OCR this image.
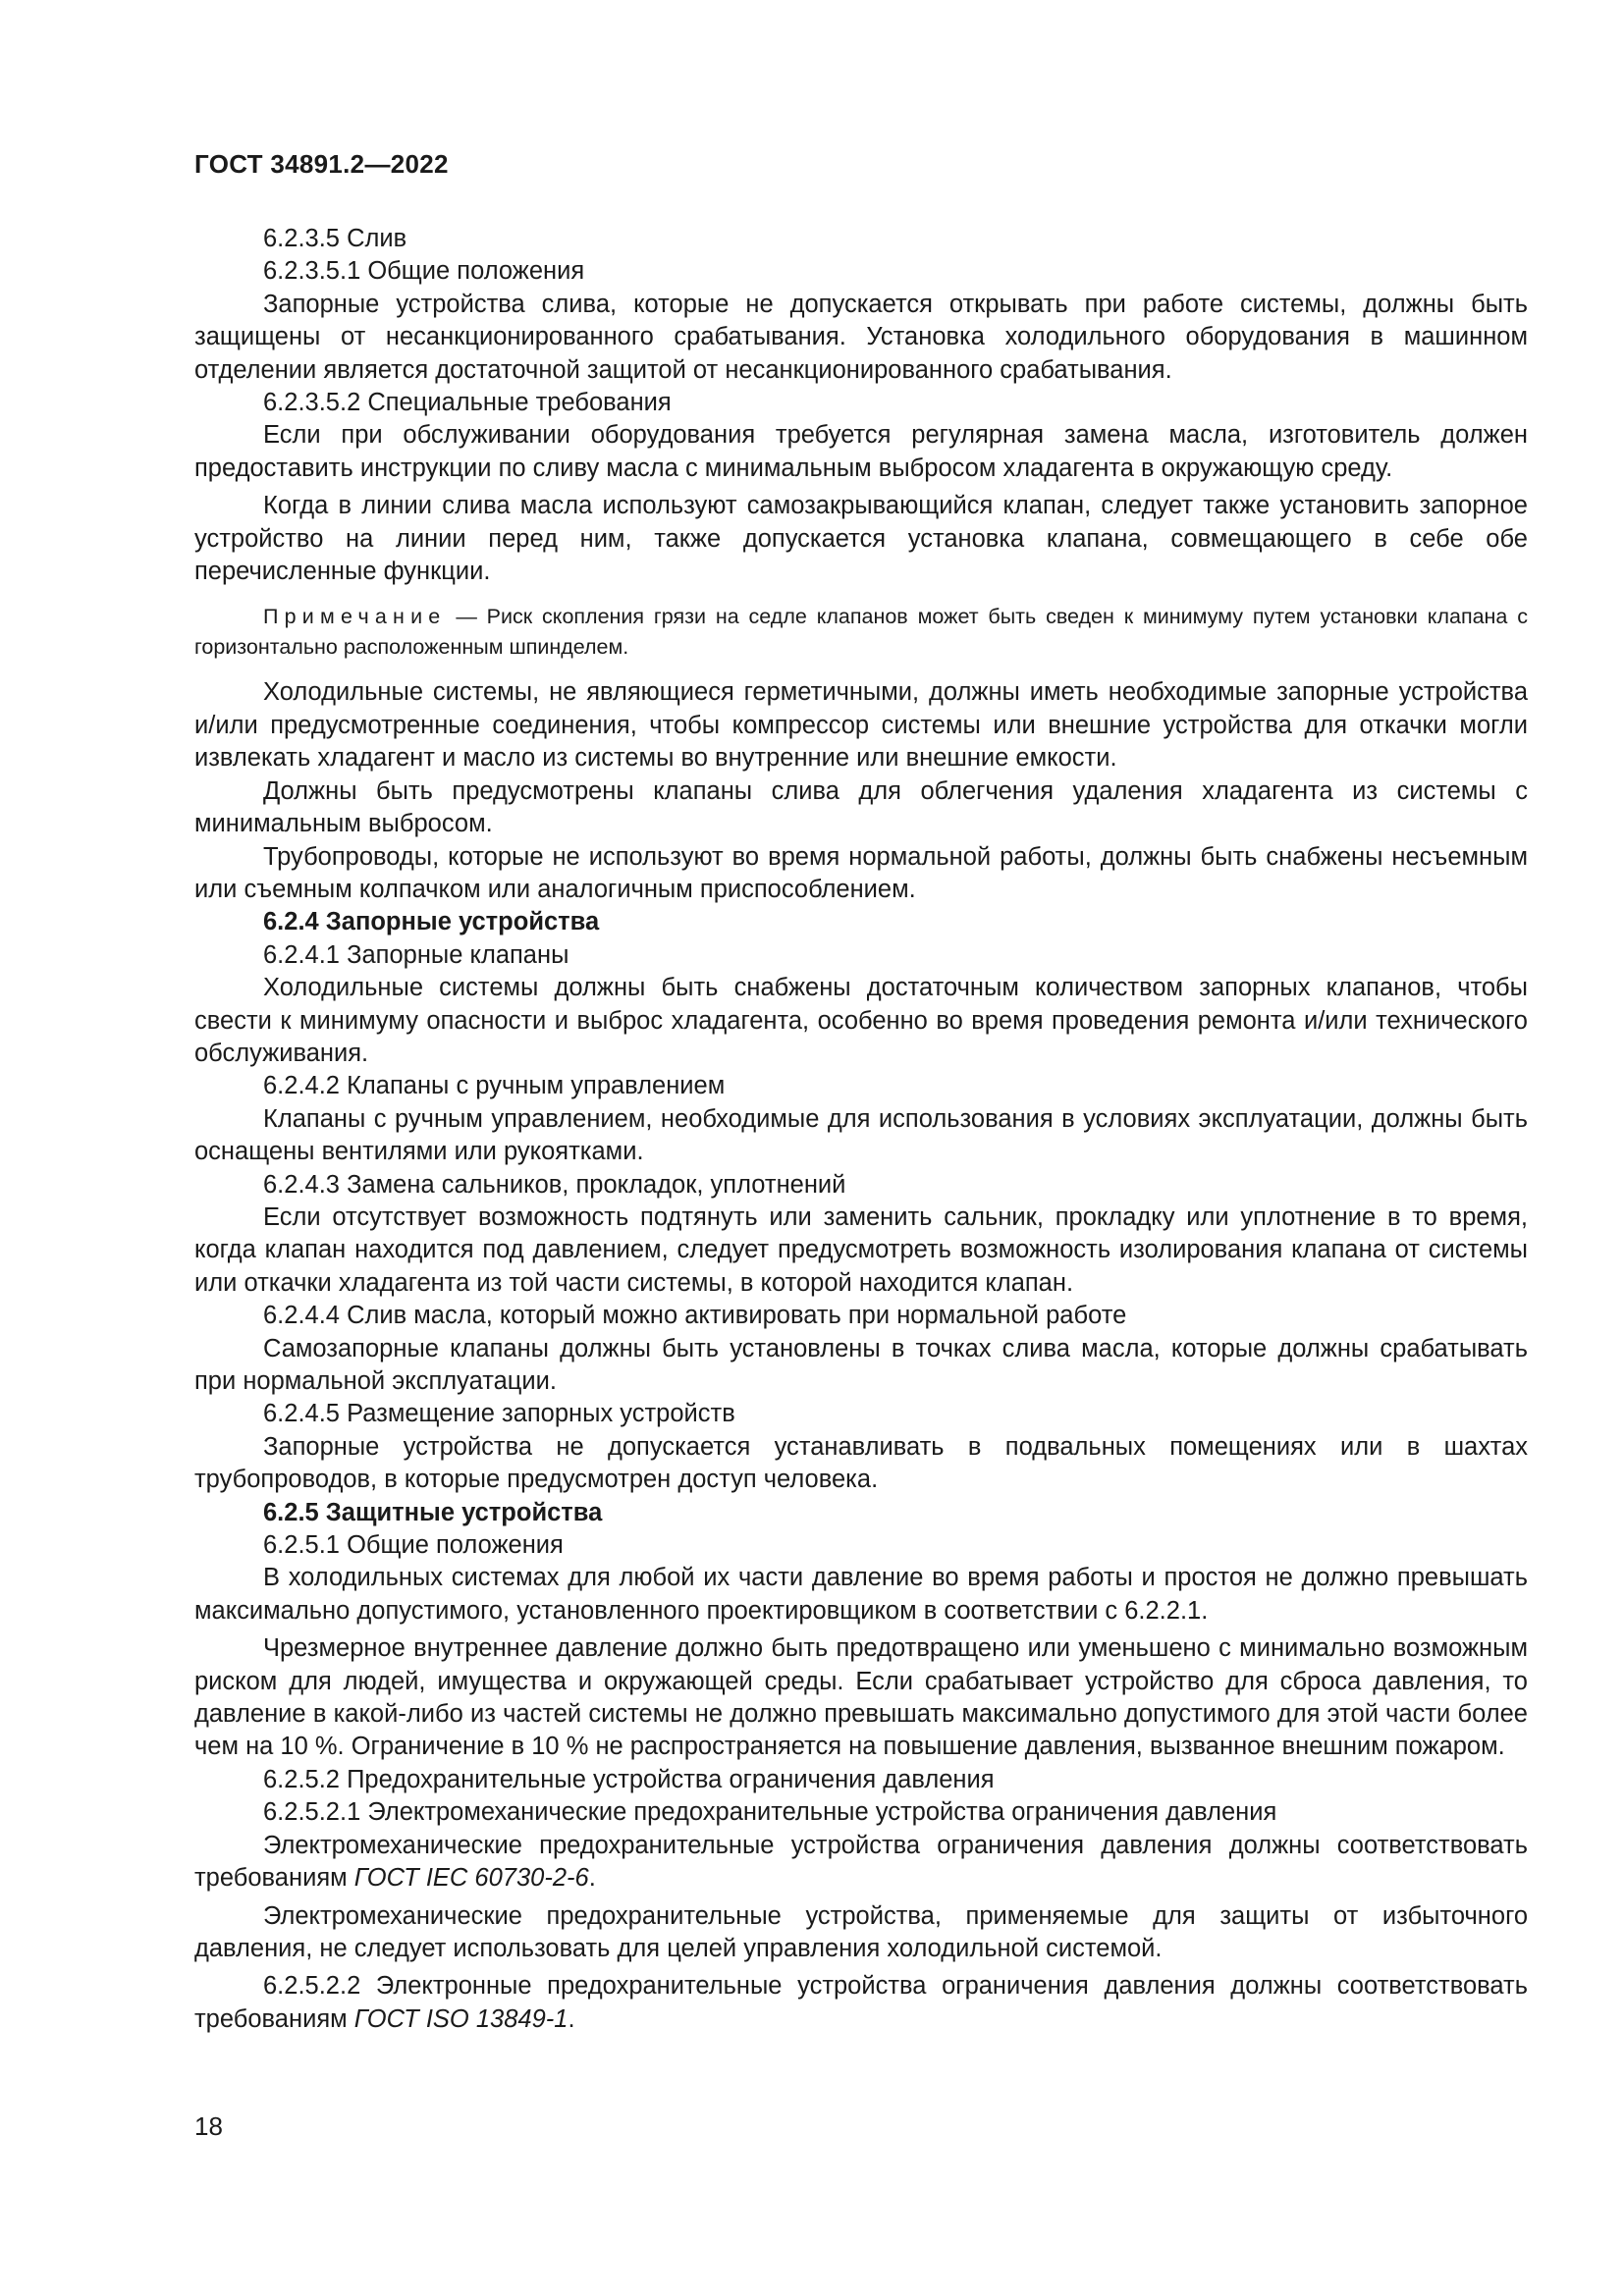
ГОСТ 34891.2—2022

6.2.3.5 Слив

6.2.3.5.1 Общие положения

Запорные устройства слива, которые не допускается открывать при работе системы, должны быть защищены от несанкционированного срабатывания. Установка холодильного оборудования в машинном отделении является достаточной защитой от несанкционированного срабатывания.

6.2.3.5.2 Специальные требования

Если при обслуживании оборудования требуется регулярная замена масла, изготовитель должен предоставить инструкции по сливу масла с минимальным выбросом хладагента в окружающую среду.

Когда в линии слива масла используют самозакрывающийся клапан, следует также установить запорное устройство на линии перед ним, также допускается установка клапана, совмещающего в себе обе перечисленные функции.

Примечание — Риск скопления грязи на седле клапанов может быть сведен к минимуму путем установки клапана с горизонтально расположенным шпинделем.

Холодильные системы, не являющиеся герметичными, должны иметь необходимые запорные устройства и/или предусмотренные соединения, чтобы компрессор системы или внешние устройства для откачки могли извлекать хладагент и масло из системы во внутренние или внешние емкости.

Должны быть предусмотрены клапаны слива для облегчения удаления хладагента из системы с минимальным выбросом.

Трубопроводы, которые не используют во время нормальной работы, должны быть снабжены несъемным или съемным колпачком или аналогичным приспособлением.

6.2.4 Запорные устройства

6.2.4.1 Запорные клапаны

Холодильные системы должны быть снабжены достаточным количеством запорных клапанов, чтобы свести к минимуму опасности и выброс хладагента, особенно во время проведения ремонта и/или технического обслуживания.

6.2.4.2 Клапаны с ручным управлением

Клапаны с ручным управлением, необходимые для использования в условиях эксплуатации, должны быть оснащены вентилями или рукоятками.

6.2.4.3 Замена сальников, прокладок, уплотнений

Если отсутствует возможность подтянуть или заменить сальник, прокладку или уплотнение в то время, когда клапан находится под давлением, следует предусмотреть возможность изолирования клапана от системы или откачки хладагента из той части системы, в которой находится клапан.

6.2.4.4 Слив масла, который можно активировать при нормальной работе

Самозапорные клапаны должны быть установлены в точках слива масла, которые должны срабатывать при нормальной эксплуатации.

6.2.4.5 Размещение запорных устройств

Запорные устройства не допускается устанавливать в подвальных помещениях или в шахтах трубопроводов, в которые предусмотрен доступ человека.

6.2.5 Защитные устройства

6.2.5.1 Общие положения

В холодильных системах для любой их части давление во время работы и простоя не должно превышать максимально допустимого, установленного проектировщиком в соответствии с 6.2.2.1.

Чрезмерное внутреннее давление должно быть предотвращено или уменьшено с минимально возможным риском для людей, имущества и окружающей среды. Если срабатывает устройство для сброса давления, то давление в какой-либо из частей системы не должно превышать максимально допустимого для этой части более чем на 10 %. Ограничение в 10 % не распространяется на повышение давления, вызванное внешним пожаром.

6.2.5.2 Предохранительные устройства ограничения давления

6.2.5.2.1 Электромеханические предохранительные устройства ограничения давления

Электромеханические предохранительные устройства ограничения давления должны соответствовать требованиям ГОСТ IEC 60730-2-6.

Электромеханические предохранительные устройства, применяемые для защиты от избыточного давления, не следует использовать для целей управления холодильной системой.

6.2.5.2.2 Электронные предохранительные устройства ограничения давления должны соответствовать требованиям ГОСТ ISO 13849-1.

18
